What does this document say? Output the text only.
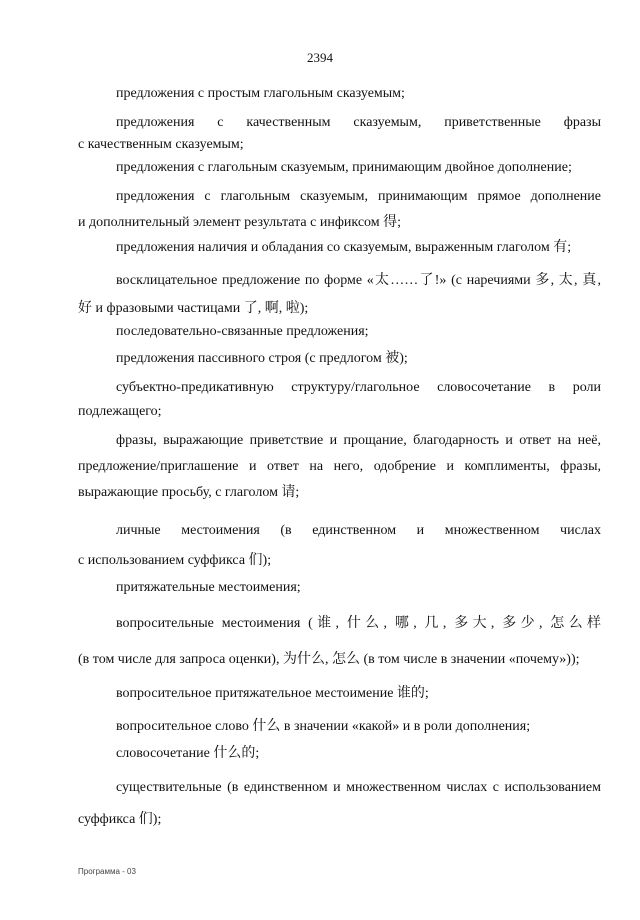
2394

предложения с простым глагольным сказуемым;

предложения с качественным сказуемым, приветственные фразы

с качественным сказуемым;

предложения с глагольным сказуемым, принимающим двойное дополнение;

предложения с глагольным сказуемым, принимающим прямое дополнение

и дополнительный элемент результата с инфиксом 得;

предложения наличия и обладания со сказуемым, выраженным глаголом 有;

восклицательное предложение по форме «太……了!» (с наречиями 多, 太, 真,

好 и фразовыми частицами 了, 啊, 啦);

последовательно-связанные предложения;

предложения пассивного строя (с предлогом 被);

субъектно-предикативную структуру/глагольное словосочетание в роли

подлежащего;

фразы, выражающие приветствие и прощание, благодарность и ответ на неё,

предложение/приглашение и ответ на него, одобрение и комплименты, фразы,

выражающие просьбу, с глаголом 请;

личные местоимения (в единственном и множественном числах

с использованием суффикса 们);

притяжательные местоимения;

вопросительные местоимения (谁, 什么, 哪, 几, 多大, 多少, 怎么样

(в том числе для запроса оценки), 为什么, 怎么 (в том числе в значении «почему»));

вопросительное притяжательное местоимение 谁的;

вопросительное слово 什么 в значении «какой» и в роли дополнения;

словосочетание 什么的;

существительные (в единственном и множественном числах с использованием

суффикса 们);

Программа - 03
